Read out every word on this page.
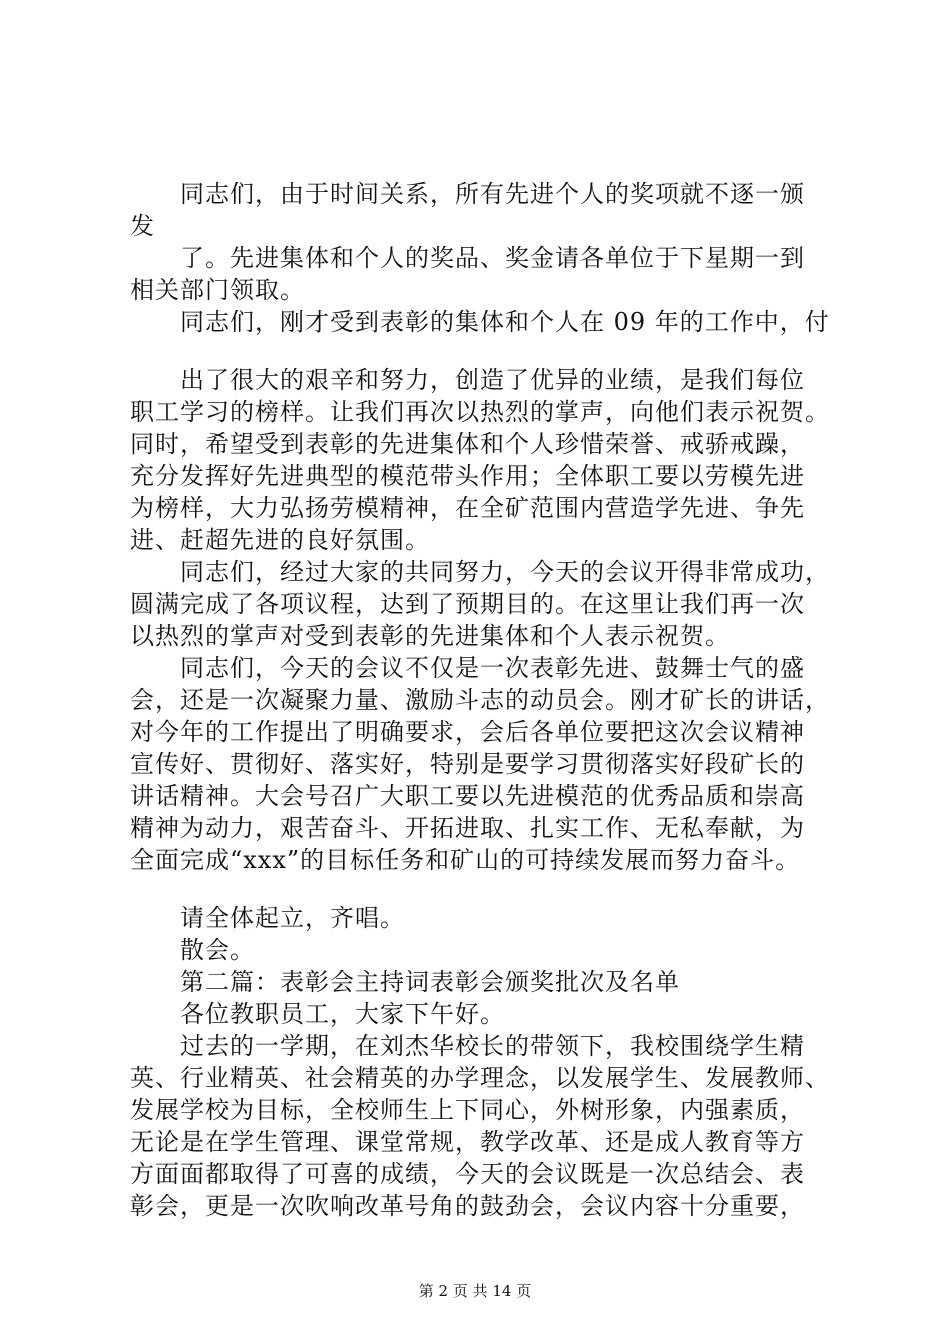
同志们，由于时间关系，所有先进个人的奖项就不逐一颁
发
了。先进集体和个人的奖品、奖金请各单位于下星期一到
相关部门领取。
同志们，刚才受到表彰的集体和个人在 09 年的工作中，付
出了很大的艰辛和努力，创造了优异的业绩，是我们每位
职工学习的榜样。让我们再次以热烈的掌声，向他们表示祝贺。
同时，希望受到表彰的先进集体和个人珍惜荣誉、戒骄戒躁，
充分发挥好先进典型的模范带头作用；全体职工要以劳模先进
为榜样，大力弘扬劳模精神，在全矿范围内营造学先进、争先
进、赶超先进的良好氛围。
同志们，经过大家的共同努力，今天的会议开得非常成功，
圆满完成了各项议程，达到了预期目的。在这里让我们再一次
以热烈的掌声对受到表彰的先进集体和个人表示祝贺。
同志们，今天的会议不仅是一次表彰先进、鼓舞士气的盛
会，还是一次凝聚力量、激励斗志的动员会。刚才矿长的讲话，
对今年的工作提出了明确要求，会后各单位要把这次会议精神
宣传好、贯彻好、落实好，特别是要学习贯彻落实好段矿长的
讲话精神。大会号召广大职工要以先进模范的优秀品质和崇高
精神为动力，艰苦奋斗、开拓进取、扎实工作、无私奉献，为
全面完成“xxx”的目标任务和矿山的可持续发展而努力奋斗。
请全体起立，齐唱。
散会。
第二篇：表彰会主持词表彰会颁奖批次及名单
各位教职员工，大家下午好。
过去的一学期，在刘杰华校长的带领下，我校围绕学生精
英、行业精英、社会精英的办学理念，以发展学生、发展教师、
发展学校为目标，全校师生上下同心，外树形象，内强素质，
无论是在学生管理、课堂常规，教学改革、还是成人教育等方
方面面都取得了可喜的成绩，今天的会议既是一次总结会、表
彰会，更是一次吹响改革号角的鼓劲会，会议内容十分重要，
第 2 页 共 14 页
